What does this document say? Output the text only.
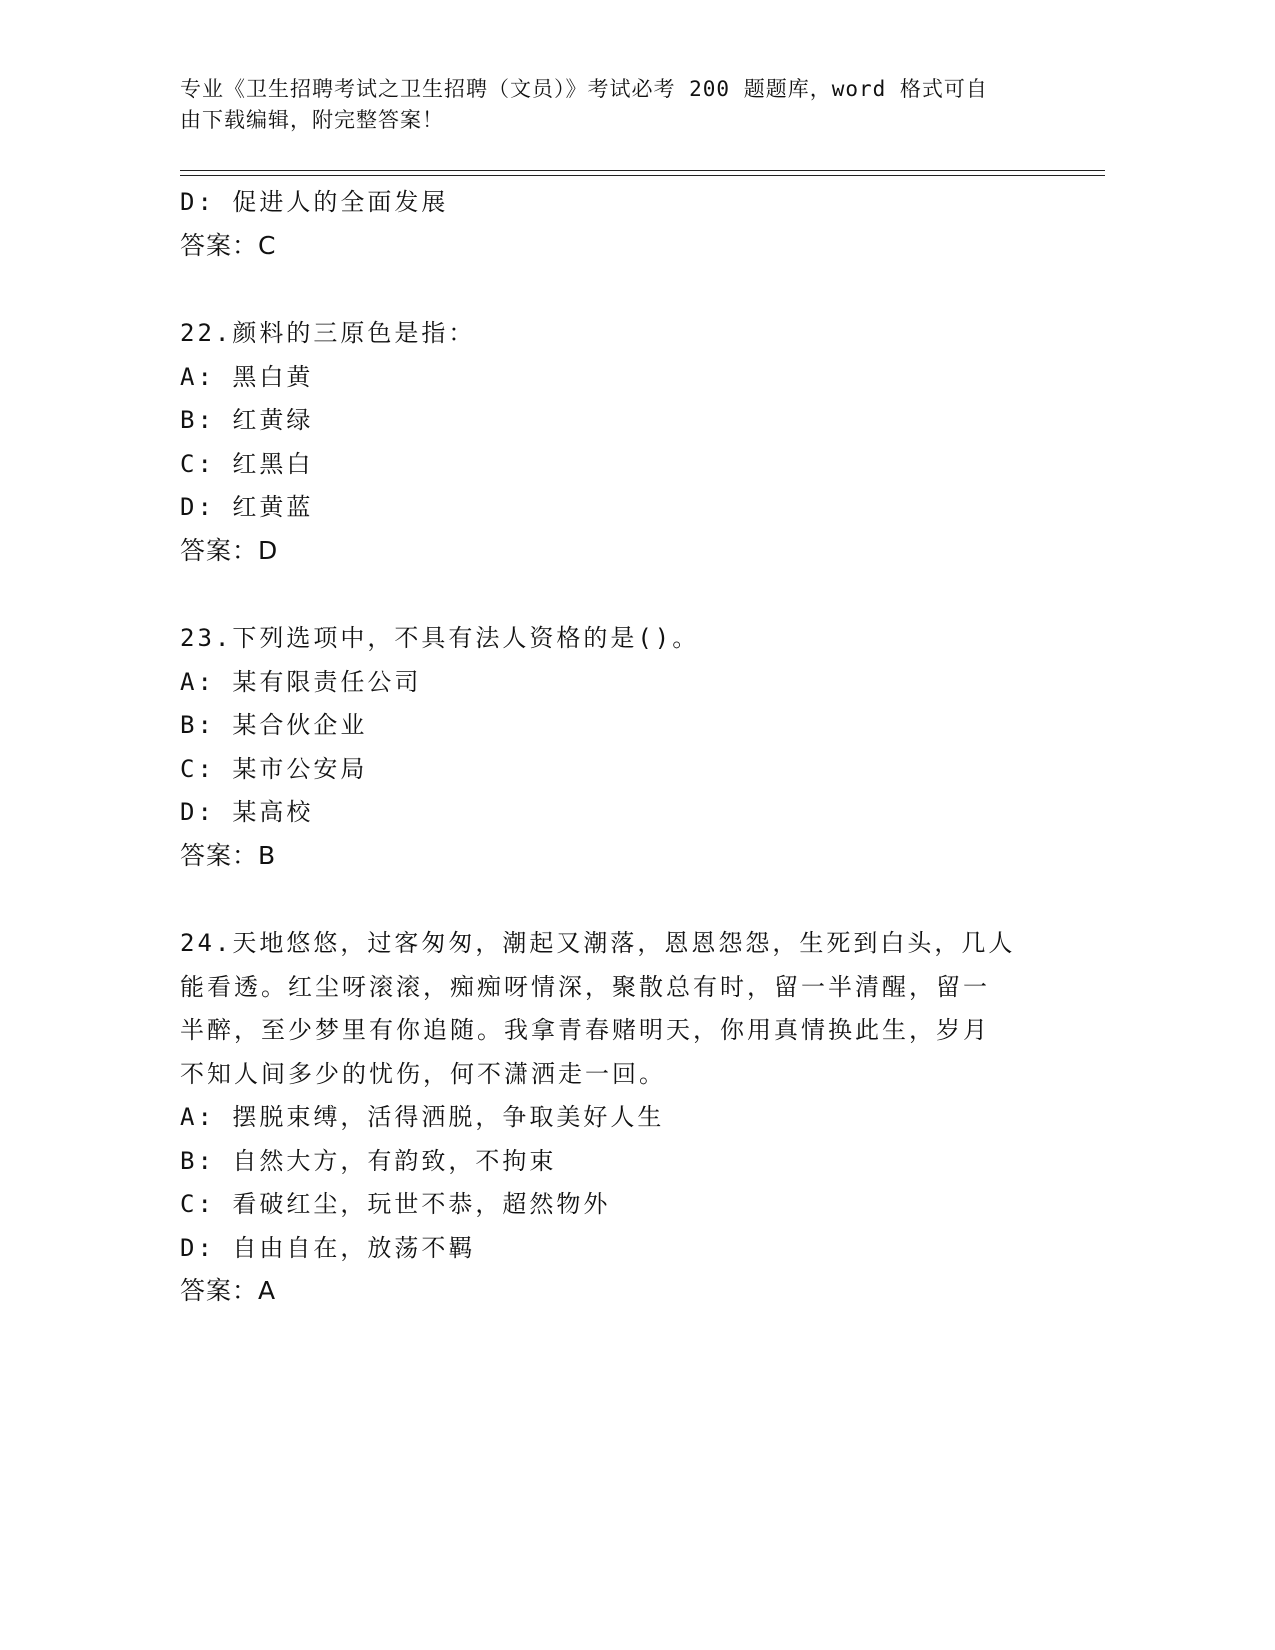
专业《卫生招聘考试之卫生招聘（文员）》考试必考 200 题题库，word 格式可自
由下载编辑，附完整答案！
D: 促进人的全面发展
答案：C
22.颜料的三原色是指：
A: 黑白黄
B: 红黄绿
C: 红黑白
D: 红黄蓝
答案：D
23.下列选项中，不具有法人资格的是()。
A: 某有限责任公司
B: 某合伙企业
C: 某市公安局
D: 某高校
答案：B
24.天地悠悠，过客匆匆，潮起又潮落，恩恩怨怨，生死到白头，几人
能看透。红尘呀滚滚，痴痴呀情深，聚散总有时，留一半清醒，留一
半醉，至少梦里有你追随。我拿青春赌明天，你用真情换此生，岁月
不知人间多少的忧伤，何不潇洒走一回。
A: 摆脱束缚，活得洒脱，争取美好人生
B: 自然大方，有韵致，不拘束
C: 看破红尘，玩世不恭，超然物外
D: 自由自在，放荡不羁
答案：A
